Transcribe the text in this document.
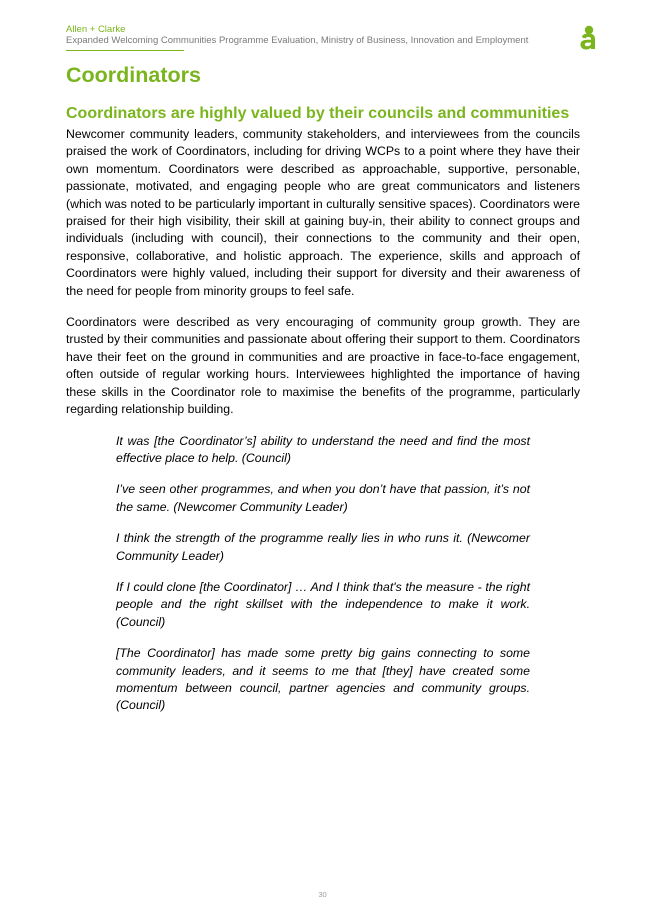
Allen + Clarke
Expanded Welcoming Communities Programme Evaluation, Ministry of Business, Innovation and Employment
Coordinators
Coordinators are highly valued by their councils and communities

Newcomer community leaders, community stakeholders, and interviewees from the councils praised the work of Coordinators, including for driving WCPs to a point where they have their own momentum. Coordinators were described as approachable, supportive, personable, passionate, motivated, and engaging people who are great communicators and listeners (which was noted to be particularly important in culturally sensitive spaces). Coordinators were praised for their high visibility, their skill at gaining buy-in, their ability to connect groups and individuals (including with council), their connections to the community and their open, responsive, collaborative, and holistic approach. The experience, skills and approach of Coordinators were highly valued, including their support for diversity and their awareness of the need for people from minority groups to feel safe.

Coordinators were described as very encouraging of community group growth. They are trusted by their communities and passionate about offering their support to them. Coordinators have their feet on the ground in communities and are proactive in face-to-face engagement, often outside of regular working hours. Interviewees highlighted the importance of having these skills in the Coordinator role to maximise the benefits of the programme, particularly regarding relationship building.

It was [the Coordinator’s] ability to understand the need and find the most effective place to help. (Council)

I’ve seen other programmes, and when you don’t have that passion, it’s not the same. (Newcomer Community Leader)

I think the strength of the programme really lies in who runs it. (Newcomer Community Leader)

If I could clone [the Coordinator] … And I think that's the measure - the right people and the right skillset with the independence to make it work. (Council)

[The Coordinator] has made some pretty big gains connecting to some community leaders, and it seems to me that [they] have created some momentum between council, partner agencies and community groups. (Council)

30
